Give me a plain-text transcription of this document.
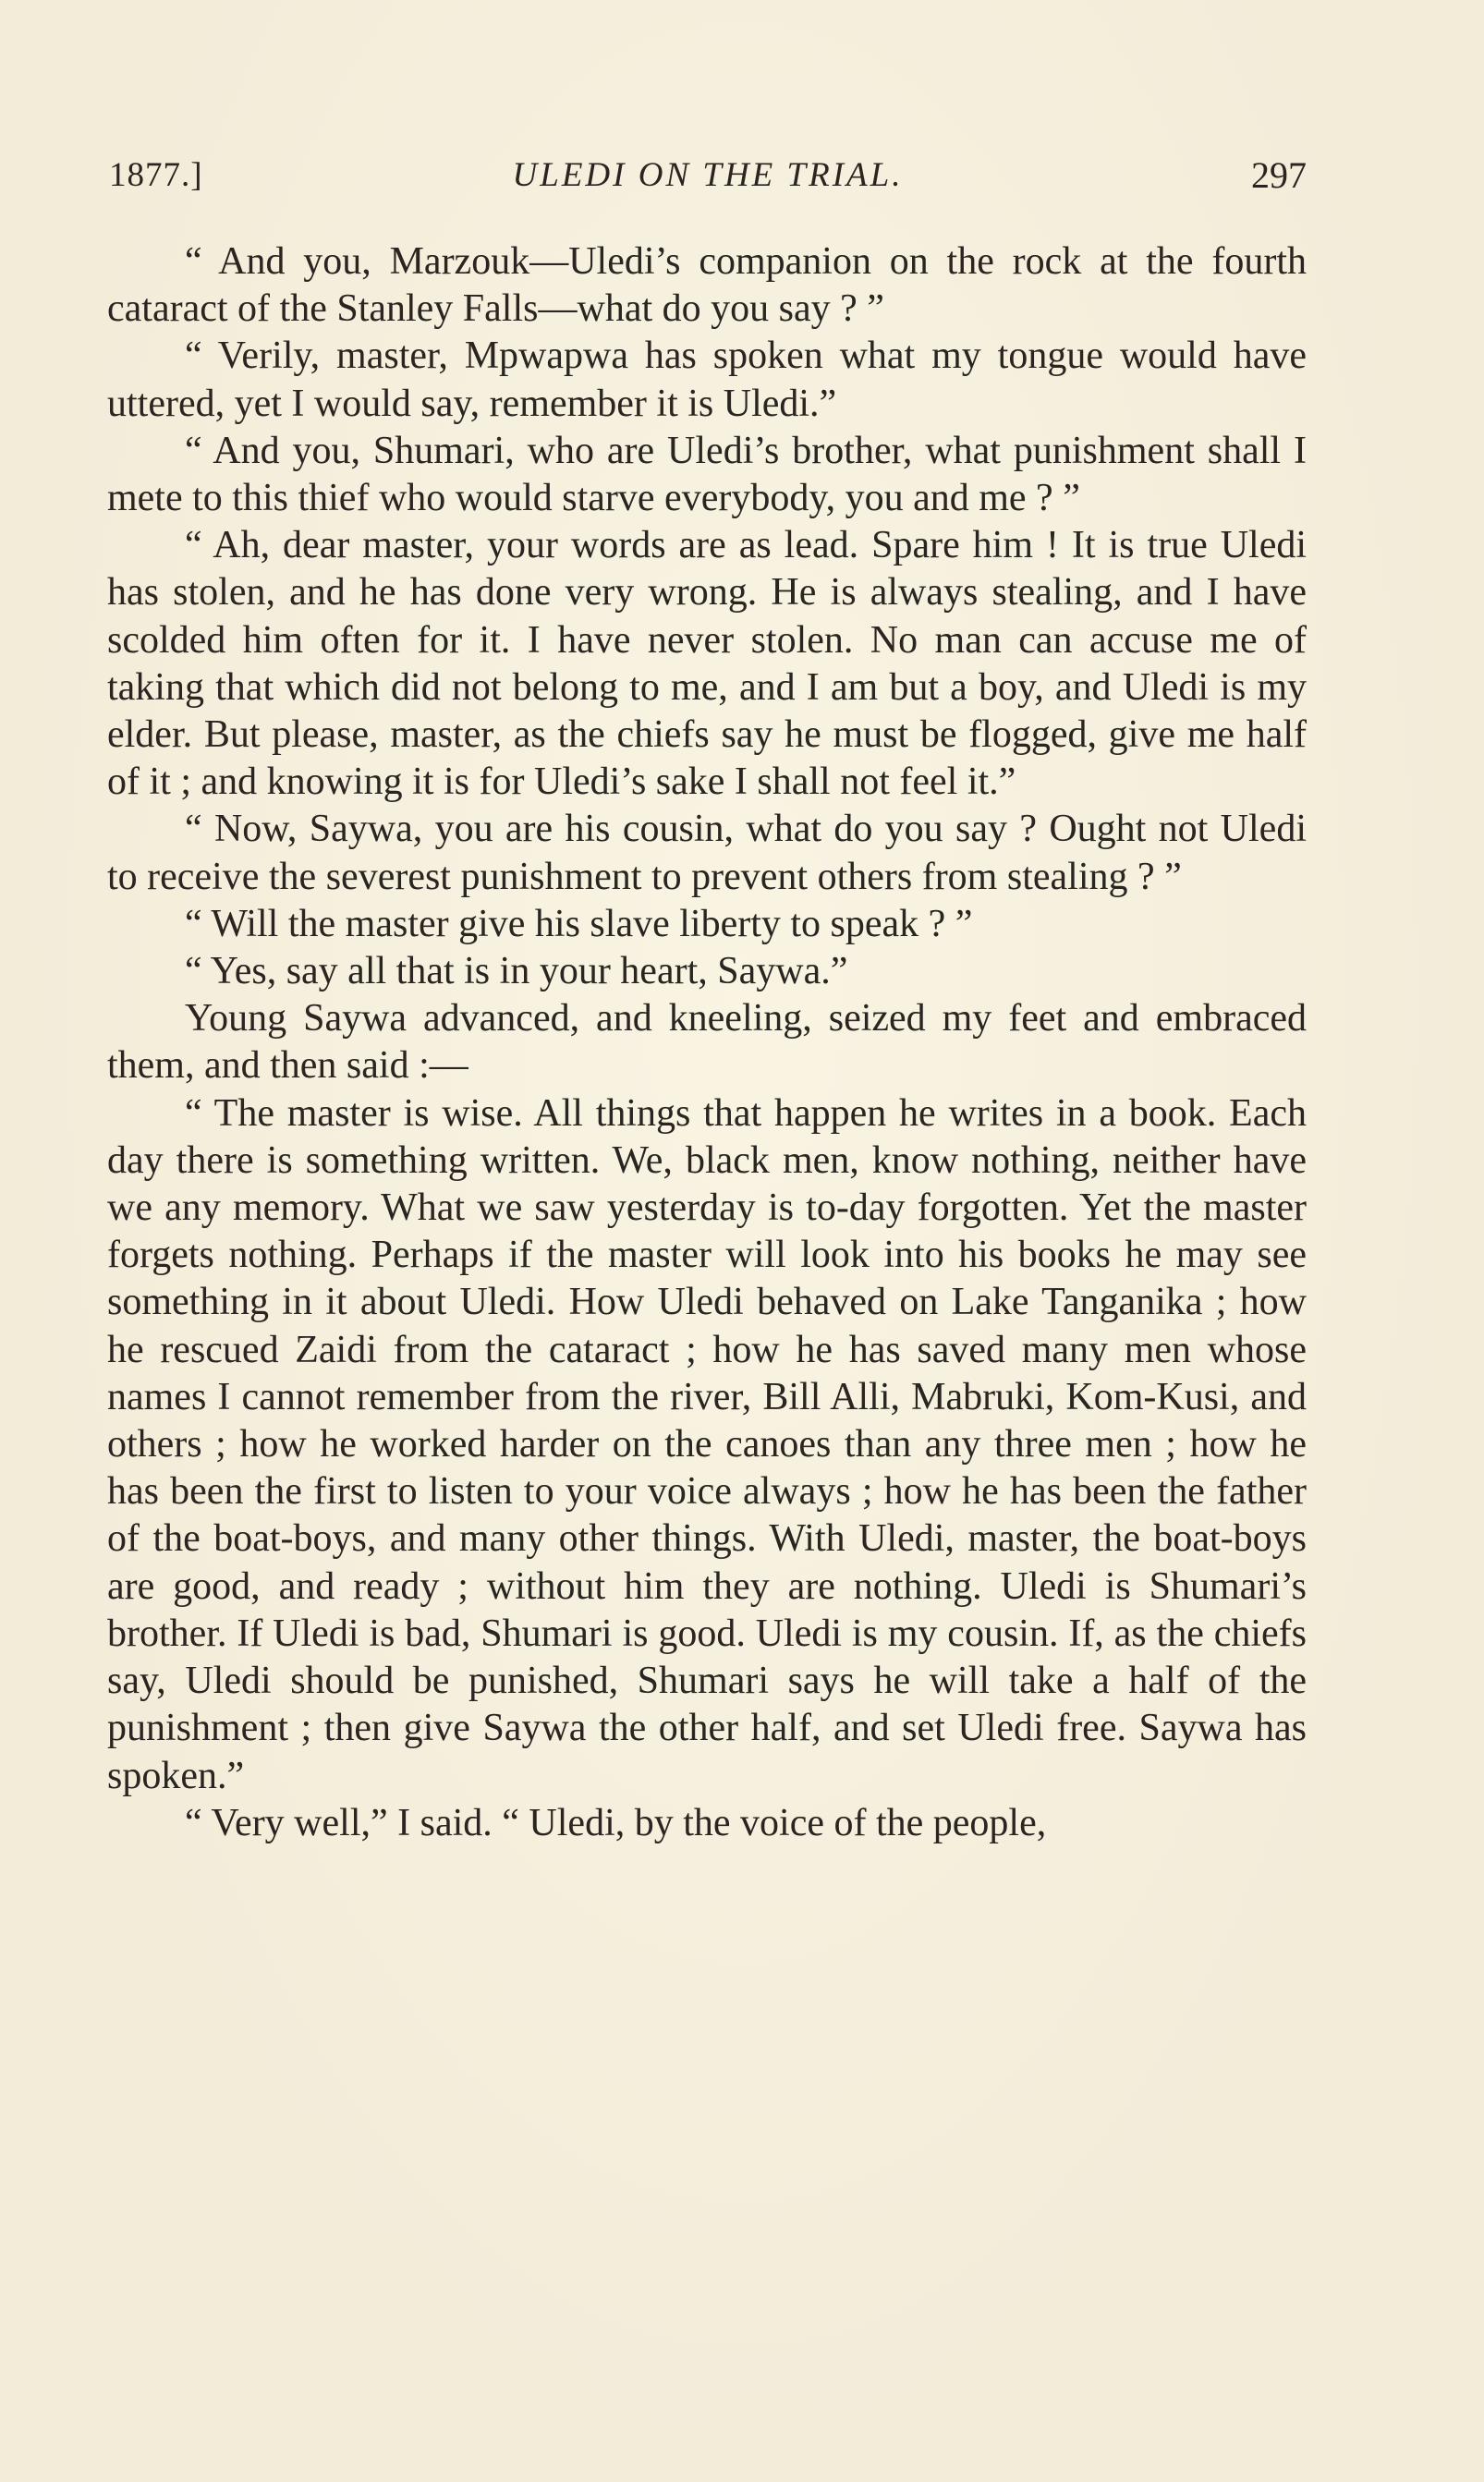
1877.]	ULEDI ON THE TRIAL.	297

“ And you, Marzouk—Uledi’s companion on the rock at the fourth cataract of the Stanley Falls—what do you say ? ”

“ Verily, master, Mpwapwa has spoken what my tongue would have uttered, yet I would say, remember it is Uledi.”

“ And you, Shumari, who are Uledi’s brother, what punishment shall I mete to this thief who would starve everybody, you and me ? ”

“ Ah, dear master, your words are as lead. Spare him ! It is true Uledi has stolen, and he has done very wrong. He is always stealing, and I have scolded him often for it. I have never stolen. No man can accuse me of taking that which did not belong to me, and I am but a boy, and Uledi is my elder. But please, master, as the chiefs say he must be flogged, give me half of it ; and knowing it is for Uledi’s sake I shall not feel it.”

“ Now, Saywa, you are his cousin, what do you say ? Ought not Uledi to receive the severest punishment to prevent others from stealing ? ”

“ Will the master give his slave liberty to speak ? ”

“ Yes, say all that is in your heart, Saywa.”

Young Saywa advanced, and kneeling, seized my feet and embraced them, and then said :—

“ The master is wise. All things that happen he writes in a book. Each day there is something written. We, black men, know nothing, neither have we any memory. What we saw yesterday is to-day forgotten. Yet the master forgets nothing. Perhaps if the master will look into his books he may see something in it about Uledi. How Uledi behaved on Lake Tanganika ; how he rescued Zaidi from the cataract ; how he has saved many men whose names I cannot remember from the river, Bill Alli, Mabruki, Kom-Kusi, and others ; how he worked harder on the canoes than any three men ; how he has been the first to listen to your voice always ; how he has been the father of the boat-boys, and many other things. With Uledi, master, the boat-boys are good, and ready ; without him they are nothing. Uledi is Shumari’s brother. If Uledi is bad, Shumari is good. Uledi is my cousin. If, as the chiefs say, Uledi should be punished, Shumari says he will take a half of the punishment ; then give Saywa the other half, and set Uledi free. Saywa has spoken.”

“ Very well,” I said. “ Uledi, by the voice of the people,
